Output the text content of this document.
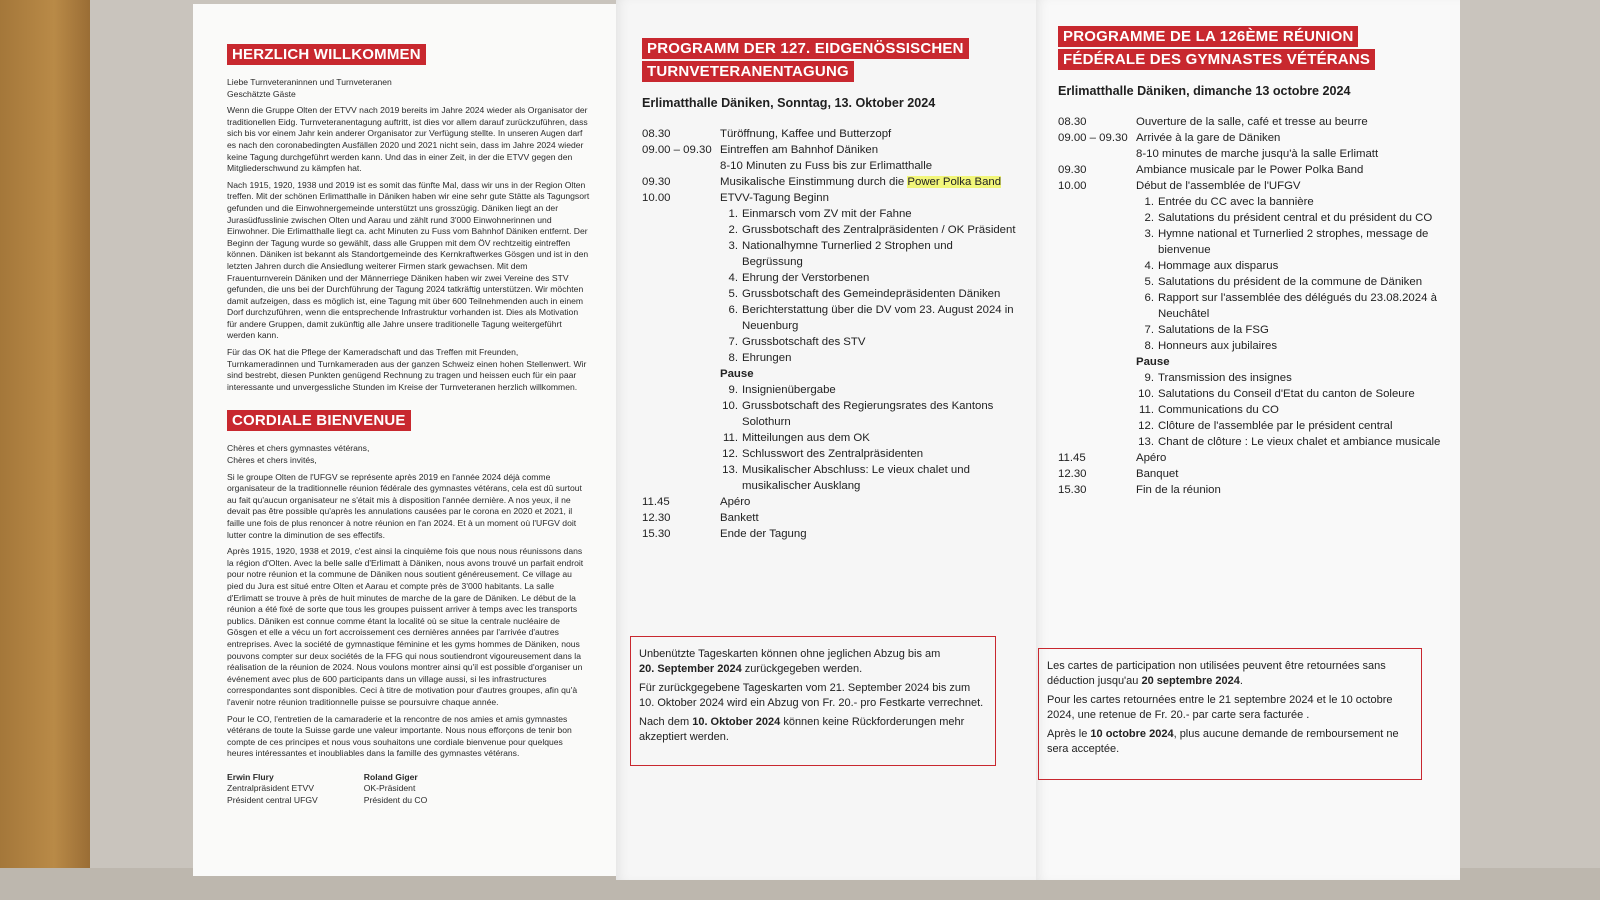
HERZLICH WILLKOMMEN

Liebe Turnveteraninnen und Turnveteranen
Geschätzte Gäste

Wenn die Gruppe Olten der ETVV nach 2019 bereits im Jahre 2024 wieder als Organisator der traditionellen Eidg. Turnveteranentagung auftritt, ist dies vor allem darauf zurückzuführen, dass sich bis vor einem Jahr kein anderer Organisator zur Verfügung stellte. In unseren Augen darf es nach den coronabedingten Ausfällen 2020 und 2021 nicht sein, dass im Jahre 2024 wieder keine Tagung durchgeführt werden kann. Und das in einer Zeit, in der die ETVV gegen den Mitgliederschwund zu kämpfen hat.

Nach 1915, 1920, 1938 und 2019 ist es somit das fünfte Mal, dass wir uns in der Region Olten treffen. Mit der schönen Erlimatthalle in Däniken haben wir eine sehr gute Stätte als Tagungsort gefunden und die Einwohnergemeinde unterstützt uns grosszügig. Däniken liegt an der Jurasüdfusslinie zwischen Olten und Aarau und zählt rund 3'000 Einwohnerinnen und Einwohner. Die Erlimatthalle liegt ca. acht Minuten zu Fuss vom Bahnhof Däniken entfernt. Der Beginn der Tagung wurde so gewählt, dass alle Gruppen mit dem ÖV rechtzeitig eintreffen können. Däniken ist bekannt als Standortgemeinde des Kernkraftwerkes Gösgen und ist in den letzten Jahren durch die Ansiedlung weiterer Firmen stark gewachsen. Mit dem Frauenturnverein Däniken und der Männerriege Däniken haben wir zwei Vereine des STV gefunden, die uns bei der Durchführung der Tagung 2024 tatkräftig unterstützen. Wir möchten damit aufzeigen, dass es möglich ist, eine Tagung mit über 600 Teilnehmenden auch in einem Dorf durchzuführen, wenn die entsprechende Infrastruktur vorhanden ist. Dies als Motivation für andere Gruppen, damit zukünftig alle Jahre unsere traditionelle Tagung weitergeführt werden kann.

Für das OK hat die Pflege der Kameradschaft und das Treffen mit Freunden, Turnkameradinnen und Turnkameraden aus der ganzen Schweiz einen hohen Stellenwert. Wir sind bestrebt, diesen Punkten genügend Rechnung zu tragen und heissen euch für ein paar interessante und unvergessliche Stunden im Kreise der Turnveteranen herzlich willkommen.

CORDIALE BIENVENUE

Chères et chers gymnastes vétérans,
Chères et chers invités,

Si le groupe Olten de l'UFGV se représente après 2019 en l'année 2024 déjà comme organisateur de la traditionnelle réunion fédérale des gymnastes vétérans, cela est dû surtout au fait qu'aucun organisateur ne s'était mis à disposition l'année dernière. A nos yeux, il ne devait pas être possible qu'après les annulations causées par le corona en 2020 et 2021, il faille une fois de plus renoncer à notre réunion en l'an 2024. Et à un moment où l'UFGV doit lutter contre la diminution de ses effectifs.

Après 1915, 1920, 1938 et 2019, c'est ainsi la cinquième fois que nous nous réunissons dans la région d'Olten. Avec la belle salle d'Erlimatt à Däniken, nous avons trouvé un parfait endroit pour notre réunion et la commune de Däniken nous soutient généreusement. Ce village au pied du Jura est situé entre Olten et Aarau et compte près de 3'000 habitants. La salle d'Erlimatt se trouve à près de huit minutes de marche de la gare de Däniken. Le début de la réunion a été fixé de sorte que tous les groupes puissent arriver à temps avec les transports publics. Däniken est connue comme étant la localité où se situe la centrale nucléaire de Gösgen et elle a vécu un fort accroissement ces dernières années par l'arrivée d'autres entreprises. Avec la société de gymnastique féminine et les gyms hommes de Däniken, nous pouvons compter sur deux sociétés de la FFG qui nous soutiendront vigoureusement dans la réalisation de la réunion de 2024. Nous voulons montrer ainsi qu'il est possible d'organiser un événement avec plus de 600 participants dans un village aussi, si les infrastructures correspondantes sont disponibles. Ceci à titre de motivation pour d'autres groupes, afin qu'à l'avenir notre réunion traditionnelle puisse se poursuivre chaque année.

Pour le CO, l'entretien de la camaraderie et la rencontre de nos amies et amis gymnastes vétérans de toute la Suisse garde une valeur importante. Nous nous efforçons de tenir bon compte de ces principes et nous vous souhaitons une cordiale bienvenue pour quelques heures intéressantes et inoubliables dans la famille des gymnastes vétérans.

Erwin Flury
Zentralpräsident ETVV
Président central UFGV
Roland Giger
OK-Präsident
Président du CO
PROGRAMM DER 127. EIDGENÖSSISCHEN
TURNVETERANENTAGUNG
Erlimatthalle Däniken, Sonntag, 13. Oktober 2024
08.30	Türöffnung, Kaffee und Butterzopf
09.00 – 09.30 Eintreffen am Bahnhof Däniken
8-10 Minuten zu Fuss bis zur Erlimatthalle
09.30	Musikalische Einstimmung durch die Power Polka Band
10.00	ETVV-Tagung Beginn
1. Einmarsch vom ZV mit der Fahne
2. Grussbotschaft des Zentralpräsidenten / OK Präsident
3. Nationalhymne Turnerlied 2 Strophen und Begrüssung
4. Ehrung der Verstorbenen
5. Grussbotschaft des Gemeindepräsidenten Däniken
6. Berichterstattung über die DV vom 23. August 2024 in Neuenburg
7. Grussbotschaft des STV
8. Ehrungen
Pause
9. Insignienübergabe
10. Grussbotschaft des Regierungsrates des Kantons Solothurn
11. Mitteilungen aus dem OK
12. Schlusswort des Zentralpräsidenten
13. Musikalischer Abschluss: Le vieux chalet und musikalischer Ausklang
11.45	Apéro
12.30	Bankett
15.30	Ende der Tagung

Unbenützte Tageskarten können ohne jeglichen Abzug bis am
20. September 2024 zurückgegeben werden.

Für zurückgegebene Tageskarten vom 21. September 2024 bis zum 10. Oktober 2024 wird ein Abzug von Fr. 20.- pro Festkarte verrechnet.

Nach dem 10. Oktober 2024 können keine Rückforderungen mehr akzeptiert werden.

PROGRAMME DE LA 126ÈME RÉUNION
FÉDÉRALE DES GYMNASTES VÉTÉRANS
Erlimatthalle Däniken, dimanche 13 octobre 2024
08.30	Ouverture de la salle, café et tresse au beurre
09.00 – 09.30 Arrivée à la gare de Däniken
8-10 minutes de marche jusqu'à la salle Erlimatt
09.30	Ambiance musicale par le Power Polka Band
10.00	Début de l'assemblée de l'UFGV
1. Entrée du CC avec la bannière
2. Salutations du président central et du président du CO
3. Hymne national et Turnerlied 2 strophes, message de bienvenue
4. Hommage aux disparus
5. Salutations du président de la commune de Däniken
6. Rapport sur l'assemblée des délégués du 23.08.2024 à Neuchâtel
7. Salutations de la FSG
8. Honneurs aux jubilaires
Pause
9. Transmission des insignes
10. Salutations du Conseil d'Etat du canton de Soleure
11. Communications du CO
12. Clôture de l'assemblée par le président central
13. Chant de clôture : Le vieux chalet et ambiance musicale
11.45	Apéro
12.30	Banquet
15.30	Fin de la réunion

Les cartes de participation non utilisées peuvent être retournées sans déduction jusqu'au 20 septembre 2024.

Pour les cartes retournées entre le 21 septembre 2024 et le 10 octobre 2024, une retenue de Fr. 20.- par carte sera facturée .

Après le 10 octobre 2024, plus aucune demande de remboursement ne sera acceptée.
